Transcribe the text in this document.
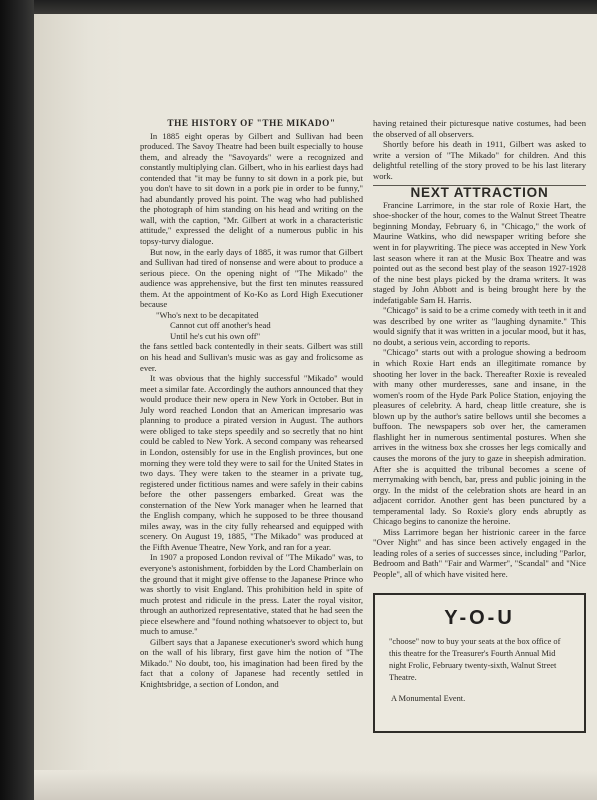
THE HISTORY OF "THE MIKADO"

In 1885 eight operas by Gilbert and Sullivan had been produced. The Savoy Theatre had been built especially to house them, and already the "Savoyards" were a recognized and constantly multiplying clan. Gilbert, who in his earliest days had contended that "it may be funny to sit down in a pork pie, but you don't have to sit down in a pork pie in order to be funny," had abundantly proved his point. The wag who had published the photograph of him standing on his head and writing on the wall, with the caption, "Mr. Gilbert at work in a characteristic attitude," expressed the delight of a numerous public in his topsy-turvy dialogue.

But now, in the early days of 1885, it was rumor that Gilbert and Sullivan had tired of nonsense and were about to produce a serious piece. On the opening night of "The Mikado" the audience was apprehensive, but the first ten minutes reassured them. At the appointment of Ko-Ko as Lord High Executioner because

"Who's next to be decapitated

Cannot cut off another's head

Until he's cut his own off"

the fans settled back contentedly in their seats. Gilbert was still on his head and Sullivan's music was as gay and frolicsome as ever.

It was obvious that the highly successful "Mikado" would meet a similar fate. Accordingly the authors announced that they would produce their new opera in New York in October. But in July word reached London that an American impresario was planning to produce a pirated version in August. The authors were obliged to take steps speedily and so secretly that no hint could be cabled to New York. A second company was rehearsed in London, ostensibly for use in the English provinces, but one morning they were told they were to sail for the United States in two days. They were taken to the steamer in a private tug, registered under fictitious names and were safely in their cabins before the other passengers embarked. Great was the consternation of the New York manager when he learned that the English company, which he supposed to be three thousand miles away, was in the city fully rehearsed and equipped with scenery. On August 19, 1885, "The Mikado" was produced at the Fifth Avenue Theatre, New York, and ran for a year.

In 1907 a proposed London revival of "The Mikado" was, to everyone's astonishment, forbidden by the Lord Chamberlain on the ground that it might give offense to the Japanese Prince who was shortly to visit England. This prohibition held in spite of much protest and ridicule in the press. Later the royal visitor, through an authorized representative, stated that he had seen the piece elsewhere and "found nothing whatsoever to object to, but much to amuse."

Gilbert says that a Japanese executioner's sword which hung on the wall of his library, first gave him the notion of "The Mikado." No doubt, too, his imagination had been fired by the fact that a colony of Japanese had recently settled in Knightsbridge, a section of London, and

having retained their picturesque native costumes, had been the observed of all observers.

Shortly before his death in 1911, Gilbert was asked to write a version of "The Mikado" for children. And this delightful retelling of the story proved to be his last literary work.

NEXT ATTRACTION

Francine Larrimore, in the star role of Roxie Hart, the shoe-shocker of the hour, comes to the Walnut Street Theatre beginning Monday, February 6, in "Chicago," the work of Maurine Watkins, who did newspaper writing before she went in for playwriting. The piece was accepted in New York last season where it ran at the Music Box Theatre and was pointed out as the second best play of the season 1927-1928 of the nine best plays picked by the drama writers. It was staged by John Abbott and is being brought here by the indefatigable Sam H. Harris.

"Chicago" is said to be a crime comedy with teeth in it and was described by one writer as "laughing dynamite." This would signify that it was written in a jocular mood, but it has, no doubt, a serious vein, according to reports.

"Chicago" starts out with a prologue showing a bedroom in which Roxie Hart ends an illegitimate romance by shooting her lover in the back. Thereafter Roxie is revealed with many other murderesses, sane and insane, in the women's room of the Hyde Park Police Station, enjoying the pleasures of celebrity. A hard, cheap little creature, she is blown up by the author's satire bellows until she becomes a buffoon. The newspapers sob over her, the cameramen flashlight her in numerous sentimental postures. When she arrives in the witness box she crosses her legs comically and causes the morons of the jury to gaze in sheepish admiration. After she is acquitted the tribunal becomes a scene of merrymaking with bench, bar, press and public joining in the orgy. In the midst of the celebration shots are heard in an adjacent corridor. Another gent has been punctured by a temperamental lady. So Roxie's glory ends abruptly as Chicago begins to canonize the heroine.

Miss Larrimore began her histrionic career in the farce "Over Night" and has since been actively engaged in the leading roles of a series of successes since, including "Parlor, Bedroom and Bath" "Fair and Warmer", "Scandal" and "Nice People", all of which have visited here.

Y-O-U
"choose" now to buy your seats at the box office of this theatre for the Treasurer's Fourth Annual Mid night Frolic, February twenty-sixth, Walnut Street Theatre.
A Monumental Event.
